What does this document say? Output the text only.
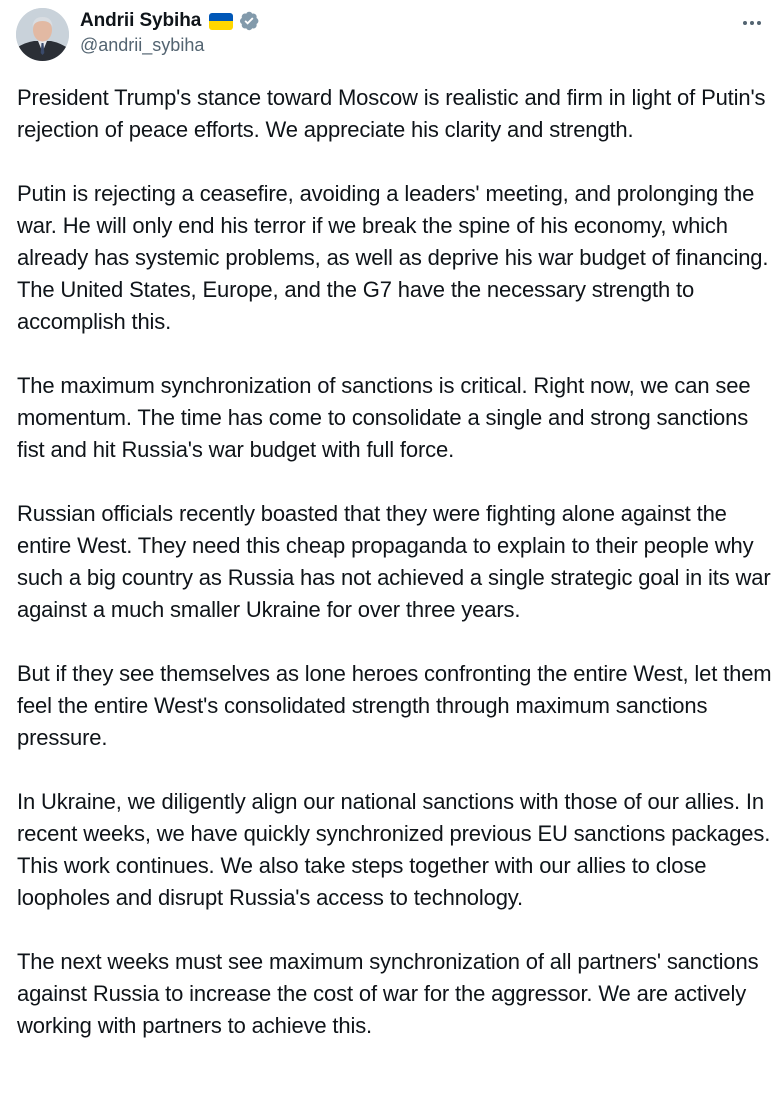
Andrii Sybiha
@andrii_sybiha

President Trump's stance toward Moscow is realistic and firm in light of Putin's rejection of peace efforts. We appreciate his clarity and strength.

Putin is rejecting a ceasefire, avoiding a leaders' meeting, and prolonging the war. He will only end his terror if we break the spine of his economy, which already has systemic problems, as well as deprive his war budget of financing. The United States, Europe, and the G7 have the necessary strength to accomplish this.

The maximum synchronization of sanctions is critical. Right now, we can see momentum. The time has come to consolidate a single and strong sanctions fist and hit Russia's war budget with full force.

Russian officials recently boasted that they were fighting alone against the entire West. They need this cheap propaganda to explain to their people why such a big country as Russia has not achieved a single strategic goal in its war against a much smaller Ukraine for over three years.

But if they see themselves as lone heroes confronting the entire West, let them feel the entire West's consolidated strength through maximum sanctions pressure.

In Ukraine, we diligently align our national sanctions with those of our allies. In recent weeks, we have quickly synchronized previous EU sanctions packages. This work continues. We also take steps together with our allies to close loopholes and disrupt Russia's access to technology.

The next weeks must see maximum synchronization of all partners' sanctions against Russia to increase the cost of war for the aggressor. We are actively working with partners to achieve this.
